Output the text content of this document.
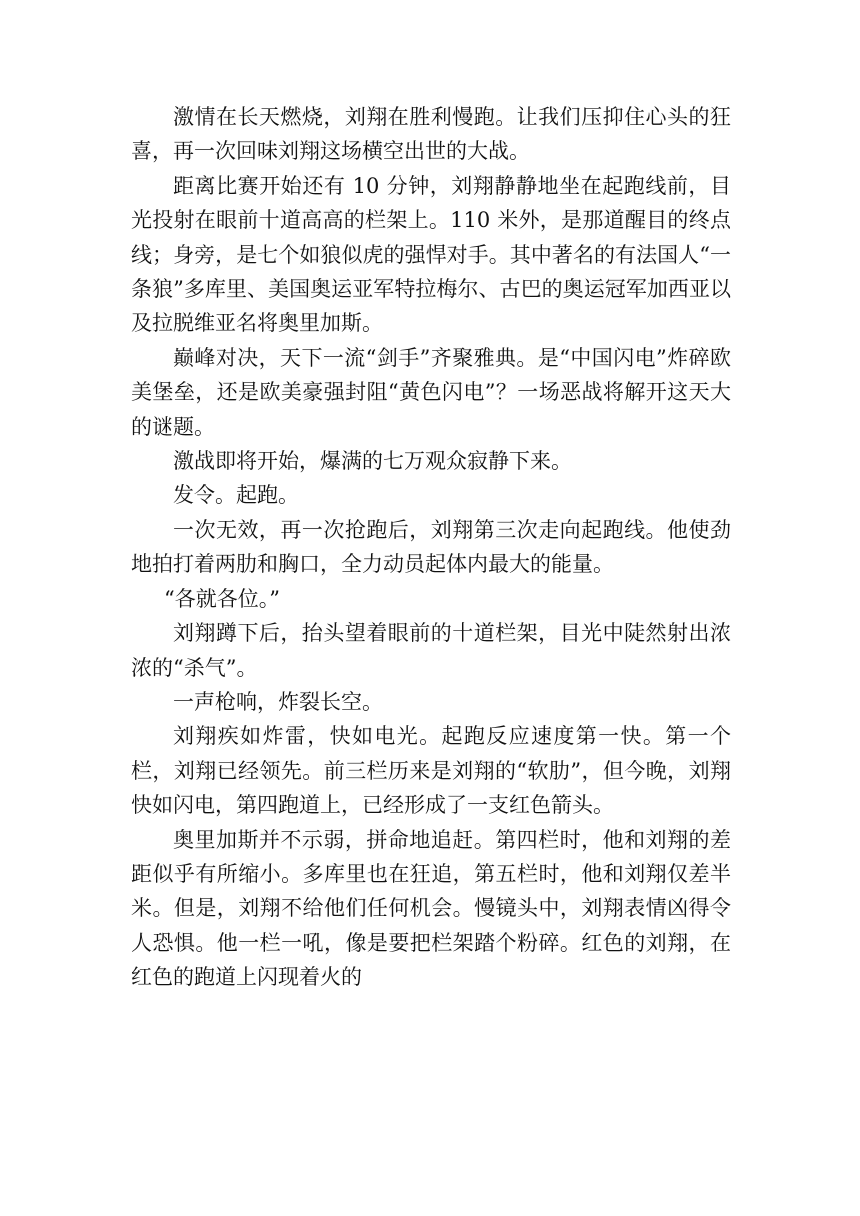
激情在长天燃烧，刘翔在胜利慢跑。让我们压抑住心头的狂喜，再一次回味刘翔这场横空出世的大战。

距离比赛开始还有 10 分钟，刘翔静静地坐在起跑线前，目光投射在眼前十道高高的栏架上。110 米外，是那道醒目的终点线；身旁，是七个如狼似虎的强悍对手。其中著名的有法国人“一条狼”多库里、美国奥运亚军特拉梅尔、古巴的奥运冠军加西亚以及拉脱维亚名将奥里加斯。

巅峰对决，天下一流“剑手”齐聚雅典。是“中国闪电”炸碎欧美堡垒，还是欧美豪强封阻“黄色闪电”？一场恶战将解开这天大的谜题。

激战即将开始，爆满的七万观众寂静下来。

发令。起跑。

一次无效，再一次抢跑后，刘翔第三次走向起跑线。他使劲地拍打着两肋和胸口，全力动员起体内最大的能量。

“各就各位。”

刘翔蹲下后，抬头望着眼前的十道栏架，目光中陡然射出浓浓的“杀气”。

一声枪响，炸裂长空。

刘翔疾如炸雷，快如电光。起跑反应速度第一快。第一个栏，刘翔已经领先。前三栏历来是刘翔的“软肋”，但今晚，刘翔快如闪电，第四跑道上，已经形成了一支红色箭头。

奥里加斯并不示弱，拼命地追赶。第四栏时，他和刘翔的差距似乎有所缩小。多库里也在狂追，第五栏时，他和刘翔仅差半米。但是，刘翔不给他们任何机会。慢镜头中，刘翔表情凶得令人恐惧。他一栏一吼，像是要把栏架踏个粉碎。红色的刘翔，在红色的跑道上闪现着火的
